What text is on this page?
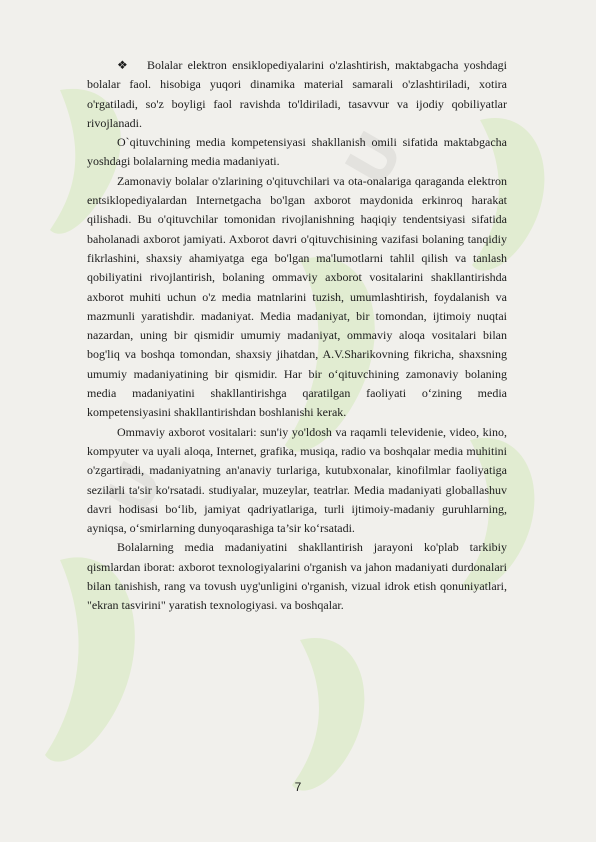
U
U

❖ Bolalar elektron ensiklopediyalarini o'zlashtirish, maktabgacha yoshdagi bolalar faol. hisobiga yuqori dinamika material samarali o'zlashtiriladi, xotira o'rgatiladi, so'z boyligi faol ravishda to'ldiriladi, tasavvur va ijodiy qobiliyatlar rivojlanadi.

O`qituvchining media kompetensiyasi shakllanish omili sifatida maktabgacha yoshdagi bolalarning media madaniyati.

Zamonaviy bolalar o'zlarining o'qituvchilari va ota-onalariga qaraganda elektron entsiklopediyalardan Internetgacha bo'lgan axborot maydonida erkinroq harakat qilishadi. Bu o'qituvchilar tomonidan rivojlanishning haqiqiy tendentsiyasi sifatida baholanadi axborot jamiyati. Axborot davri o'qituvchisining vazifasi bolaning tanqidiy fikrlashini, shaxsiy ahamiyatga ega bo'lgan ma'lumotlarni tahlil qilish va tanlash qobiliyatini rivojlantirish, bolaning ommaviy axborot vositalarini shakllantirishda axborot muhiti uchun o'z media matnlarini tuzish, umumlashtirish, foydalanish va mazmunli yaratishdir. madaniyat. Media madaniyat, bir tomondan, ijtimoiy nuqtai nazardan, uning bir qismidir umumiy madaniyat, ommaviy aloqa vositalari bilan bog'liq va boshqa tomondan, shaxsiy jihatdan, A.V.Sharikovning fikricha, shaxsning umumiy madaniyatining bir qismidir. Har bir o‘qituvchining zamonaviy bolaning media madaniyatini shakllantirishga qaratilgan faoliyati o‘zining media kompetensiyasini shakllantirishdan boshlanishi kerak.

Ommaviy axborot vositalari: sun'iy yo'ldosh va raqamli televidenie, video, kino, kompyuter va uyali aloqa, Internet, grafika, musiqa, radio va boshqalar media muhitini o'zgartiradi, madaniyatning an'anaviy turlariga, kutubxonalar, kinofilmlar faoliyatiga sezilarli ta'sir ko'rsatadi. studiyalar, muzeylar, teatrlar. Media madaniyati globallashuv davri hodisasi bo‘lib, jamiyat qadriyatlariga, turli ijtimoiy-madaniy guruhlarning, ayniqsa, o‘smirlarning dunyoqarashiga ta’sir ko‘rsatadi.

Bolalarning media madaniyatini shakllantirish jarayoni ko'plab tarkibiy qismlardan iborat: axborot texnologiyalarini o'rganish va jahon madaniyati durdonalari bilan tanishish, rang va tovush uyg'unligini o'rganish, vizual idrok etish qonuniyatlari, "ekran tasvirini" yaratish texnologiyasi. va boshqalar.

7
